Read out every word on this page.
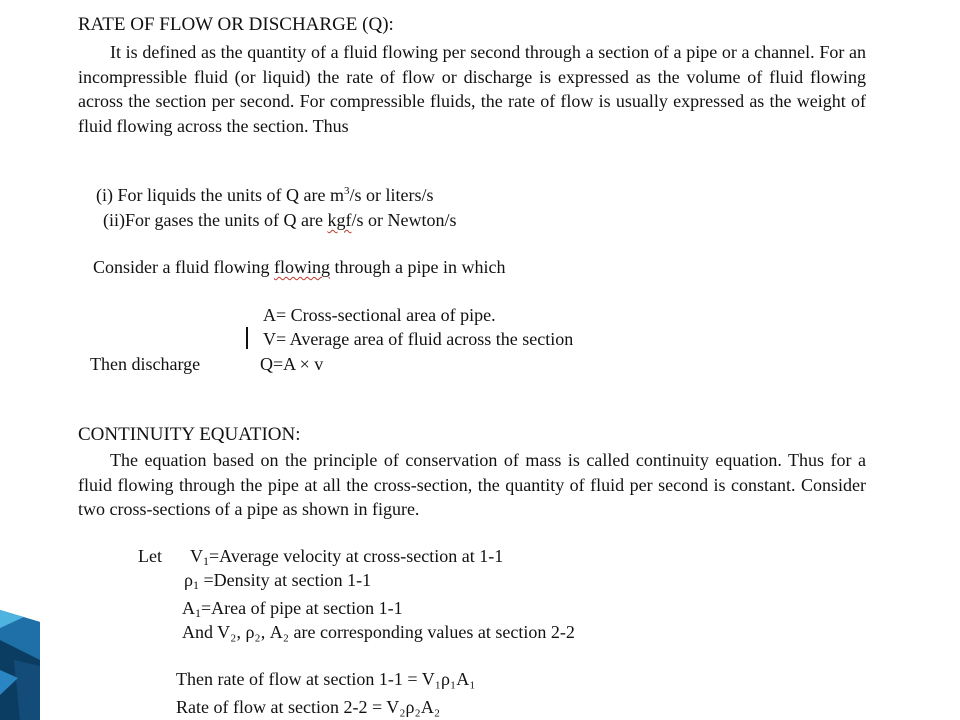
RATE OF FLOW OR DISCHARGE (Q):

It is defined as the quantity of a fluid flowing per second through a section of a pipe or a channel. For an incompressible fluid (or liquid) the rate of flow or discharge is expressed as the volume of fluid flowing across the section per second. For compressible fluids, the rate of flow is usually expressed as the weight of fluid flowing across the section. Thus

(i) For liquids the units of Q are $m^3/s$ or liters/s
(ii)For gases the units of Q are kgf/s or Newton/s
Consider a fluid flowing flowing through a pipe in which
A= Cross-sectional area of pipe.
V= Average area of fluid across the section
Then discharge	Q=A × v
CONTINUITY EQUATION:

The equation based on the principle of conservation of mass is called continuity equation. Thus for a fluid flowing through the pipe at all the cross-section, the quantity of fluid per second is constant. Consider two cross-sections of a pipe as shown in figure.

Let $V_1=Average$ velocity at cross-section at 1-1
$\rho_1$ =Density at section 1-1
$A_1=Area$ of pipe at section 1-1
And V₂, ρ₂, A₂ are corresponding values at section 2-2
Then rate of flow at section 1-1 = V₁ρ₁A₁
Rate of flow at section 2-2 = V₂ρ₂A₂
